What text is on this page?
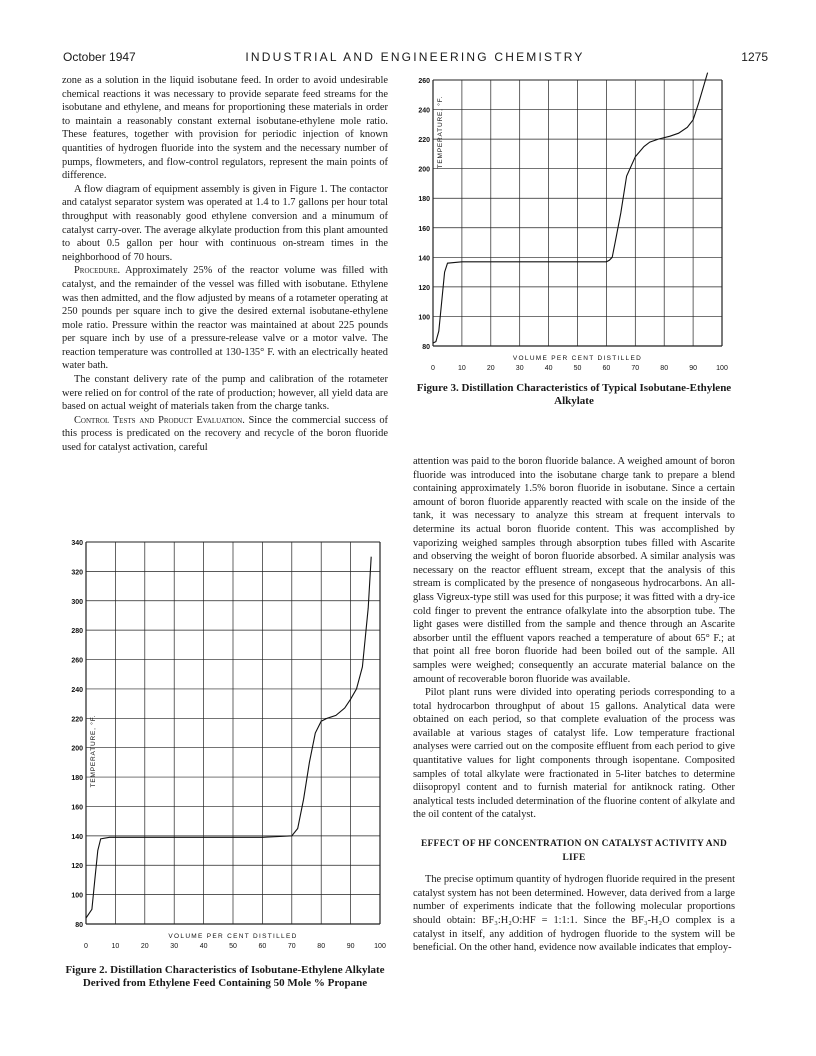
October 1947	INDUSTRIAL AND ENGINEERING CHEMISTRY	1275

zone as a solution in the liquid isobutane feed. In order to avoid undesirable chemical reactions it was necessary to provide separate feed streams for the isobutane and ethylene, and means for proportioning these materials in order to maintain a reasonably constant external isobutane-ethylene mole ratio. These features, together with provision for periodic injection of known quantities of hydrogen fluoride into the system and the necessary number of pumps, flowmeters, and flow-control regulators, represent the main points of difference.

A flow diagram of equipment assembly is given in Figure 1. The contactor and catalyst separator system was operated at 1.4 to 1.7 gallons per hour total throughput with reasonably good ethylene conversion and a minumum of catalyst carry-over. The average alkylate production from this plant amounted to about 0.5 gallon per hour with continuous on-stream times in the neighborhood of 70 hours.

Procedure. Approximately 25% of the reactor volume was filled with catalyst, and the remainder of the vessel was filled with isobutane. Ethylene was then admitted, and the flow adjusted by means of a rotameter operating at 250 pounds per square inch to give the desired external isobutane-ethylene mole ratio. Pressure within the reactor was maintained at about 225 pounds per square inch by use of a pressure-release valve or a motor valve. The reaction temperature was controlled at 130-135° F. with an electrically heated water bath.

The constant delivery rate of the pump and calibration of the rotameter were relied on for control of the rate of production; however, all yield data are based on actual weight of materials taken from the charge tanks.

Control Tests and Product Evaluation. Since the commercial success of this process is predicated on the recovery and recycle of the boron fluoride used for catalyst activation, careful

80
100
120
140
160
180
200
220
240
260
0	10	20	30	40	50	60	70	80	90	100
VOLUME PER CENT DISTILLED
TEMPERATURE, °F.
Figure 3. Distillation Characteristics of Typical Isobutane-Ethylene Alkylate

attention was paid to the boron fluoride balance. A weighed amount of boron fluoride was introduced into the isobutane charge tank to prepare a blend containing approximately 1.5% boron fluoride in isobutane. Since a certain amount of boron fluoride apparently reacted with scale on the inside of the tank, it was necessary to analyze this stream at frequent intervals to determine its actual boron fluoride content. This was accomplished by vaporizing weighed samples through absorption tubes filled with Ascarite and observing the weight of boron fluoride absorbed. A similar analysis was necessary on the reactor effluent stream, except that the analysis of this stream is complicated by the presence of nongaseous hydrocarbons. An all-glass Vigreux-type still was used for this purpose; it was fitted with a dry-ice cold finger to prevent the entrance ofalkylate into the absorption tube. The light gases were distilled from the sample and thence through an Ascarite absorber until the effluent vapors reached a temperature of about 65° F.; at that point all free boron fluoride had been boiled out of the sample. All samples were weighed; consequently an accurate material balance on the amount of recoverable boron fluoride was available.

Pilot plant runs were divided into operating periods corresponding to a total hydrocarbon throughput of about 15 gallons. Analytical data were obtained on each period, so that complete evaluation of the process was available at various stages of catalyst life. Low temperature fractional analyses were carried out on the composite effluent from each period to give quantitative values for light components through isopentane. Composited samples of total alkylate were fractionated in 5-liter batches to determine diisopropyl content and to furnish material for antiknock rating. Other analytical tests included determination of the fluorine content of alkylate and the oil content of the catalyst.

EFFECT OF HF CONCENTRATION ON CATALYST ACTIVITY AND LIFE

The precise optimum quantity of hydrogen fluoride required in the present catalyst system has not been determined. However, data derived from a large number of experiments indicate that the following molecular proportions should obtain: BF₃:H₂O:HF = 1:1:1. Since the BF₃-H₂O complex is a catalyst in itself, any addition of hydrogen fluoride to the system will be beneficial. On the other hand, evidence now available indicates that employ-

80
100
120
140
160
180
200
220
240
260
280
300
320
340
0	10	20	30	40	50	60	70	80	90	100
VOLUME PER CENT DISTILLED
TEMPERATURE, °F.
Figure 2. Distillation Characteristics of Isobutane-Ethylene Alkylate Derived from Ethylene Feed Containing 50 Mole % Propane
